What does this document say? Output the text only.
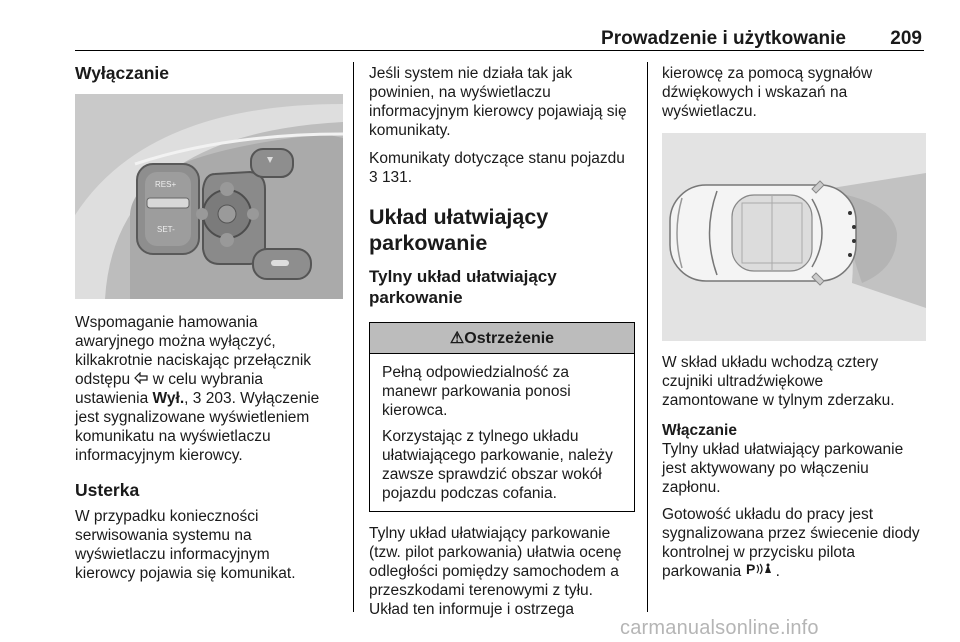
Prowadzenie i użytkowanie 209
Wyłączanie
RES+
SET-

Wspomaganie hamowania

awaryjnego można wyłączyć,

kilkakrotnie naciskając przełącznik

odstępu  w celu wybrania

ustawienia Wył., 3 203. Wyłączenie

jest sygnalizowane wyświetleniem

komunikatu na wyświetlaczu

informacyjnym kierowcy.

Usterka

W przypadku konieczności

serwisowania systemu na

wyświetlaczu informacyjnym

kierowcy pojawia się komunikat.

Jeśli system nie działa tak jak

powinien, na wyświetlaczu

informacyjnym kierowcy pojawiają się

komunikaty.

Komunikaty dotyczące stanu pojazdu

3 131.

Układ ułatwiający
parkowanie
Tylny układ ułatwiający
parkowanie
⚠Ostrzeżenie

Pełną odpowiedzialność za

manewr parkowania ponosi

kierowca.

Korzystając z tylnego układu

ułatwiającego parkowanie, należy

zawsze sprawdzić obszar wokół

pojazdu podczas cofania.

Tylny układ ułatwiający parkowanie

(tzw. pilot parkowania) ułatwia ocenę

odległości pomiędzy samochodem a

przeszkodami terenowymi z tyłu.

Układ ten informuje i ostrzega

kierowcę za pomocą sygnałów

dźwiękowych i wskazań na

wyświetlaczu.

W skład układu wchodzą cztery

czujniki ultradźwiękowe

zamontowane w tylnym zderzaku.

Włączanie

Tylny układ ułatwiający parkowanie

jest aktywowany po włączeniu

zapłonu.

Gotowość układu do pracy jest

sygnalizowana przez świecenie diody

kontrolnej w przycisku pilota

parkowania P .

carmanualsonline.info
